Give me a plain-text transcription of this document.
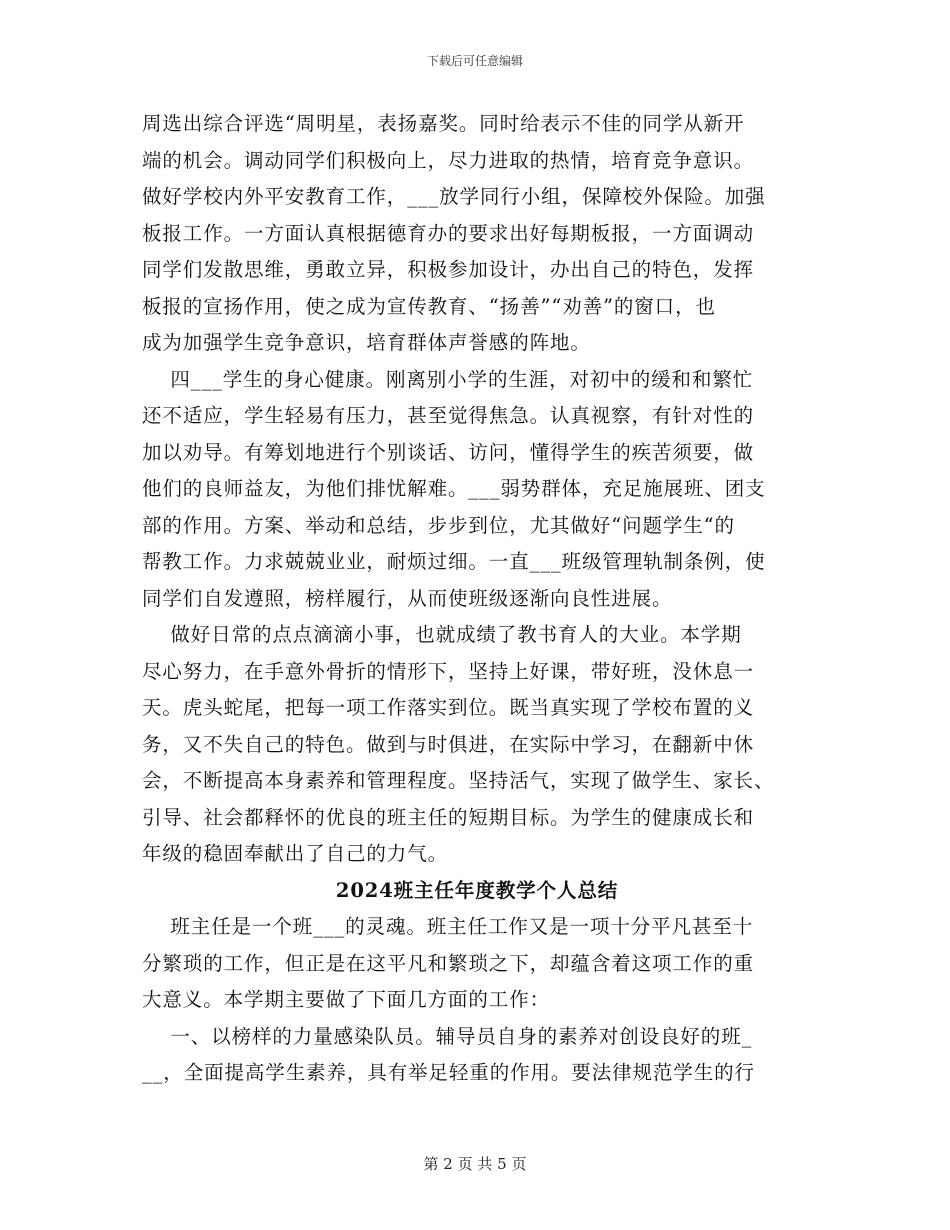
下载后可任意编辑
周选出综合评选“周明星，表扬嘉奖。同时给表示不佳的同学从新开
端的机会。调动同学们积极向上，尽力进取的热情，培育竞争意识。
做好学校内外平安教育工作，___放学同行小组，保障校外保险。加强
板报工作。一方面认真根据德育办的要求出好每期板报，一方面调动
同学们发散思维，勇敢立异，积极参加设计，办出自己的特色，发挥
板报的宣扬作用，使之成为宣传教育、“扬善”“劝善”的窗口，也
成为加强学生竞争意识，培育群体声誉感的阵地。
四___学生的身心健康。刚离别小学的生涯，对初中的缓和和繁忙
还不适应，学生轻易有压力，甚至觉得焦急。认真视察，有针对性的
加以劝导。有筹划地进行个别谈话、访问，懂得学生的疾苦须要，做
他们的良师益友，为他们排忧解难。___弱势群体，充足施展班、团支
部的作用。方案、举动和总结，步步到位，尤其做好“问题学生“的
帮教工作。力求兢兢业业，耐烦过细。一直___班级管理轨制条例，使
同学们自发遵照，榜样履行，从而使班级逐渐向良性进展。
做好日常的点点滴滴小事，也就成绩了教书育人的大业。本学期
尽心努力，在手意外骨折的情形下，坚持上好课，带好班，没休息一
天。虎头蛇尾，把每一项工作落实到位。既当真实现了学校布置的义
务，又不失自己的特色。做到与时俱进，在实际中学习，在翻新中休
会，不断提高本身素养和管理程度。坚持活气，实现了做学生、家长、
引导、社会都释怀的优良的班主任的短期目标。为学生的健康成长和
年级的稳固奉献出了自己的力气。
2024班主任年度教学个人总结
班主任是一个班___的灵魂。班主任工作又是一项十分平凡甚至十
分繁琐的工作，但正是在这平凡和繁琐之下，却蕴含着这项工作的重
大意义。本学期主要做了下面几方面的工作：
一、以榜样的力量感染队员。辅导员自身的素养对创设良好的班_
__，全面提高学生素养，具有举足轻重的作用。要法律规范学生的行
第 2 页 共 5 页
